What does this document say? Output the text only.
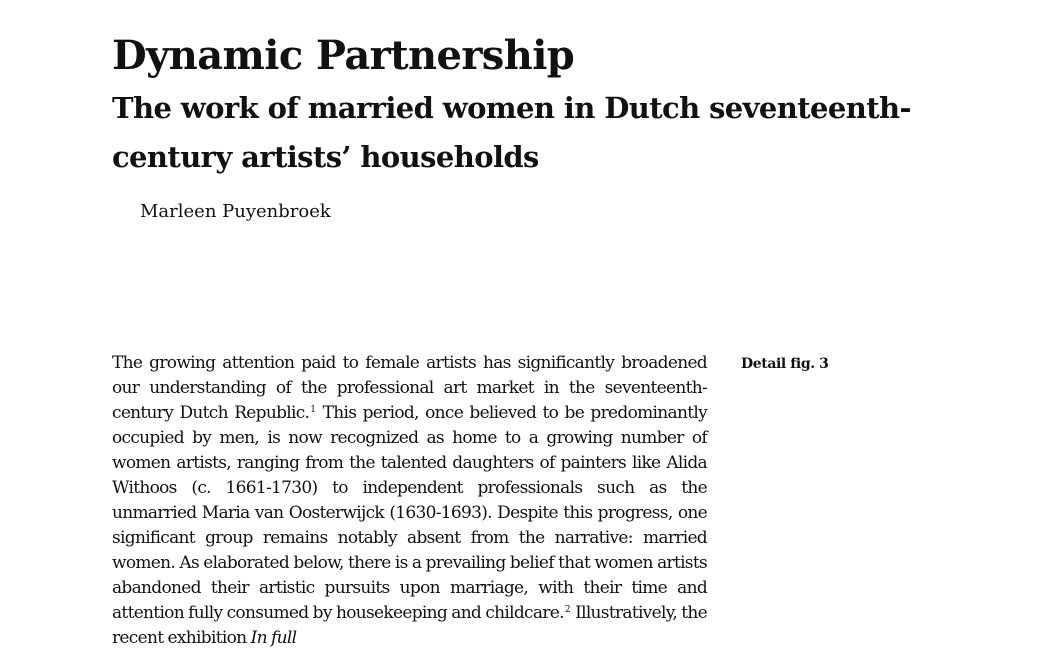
Dynamic Partnership
The work of married women in Dutch seventeenth-century artists’ households

Marleen Puyenbroek

The growing attention paid to female artists has significantly broadened our understanding of the professional art market in the seventeenth-century Dutch Republic.$^1$ This period, once believed to be predominantly occupied by men, is now recognized as home to a growing number of women artists, ranging from the talented daughters of painters like Alida Withoos (c. 1661-1730) to independent professionals such as the unmarried Maria van Oosterwijck (1630-1693). Despite this progress, one significant group remains notably absent from the narrative: married women. As elaborated below, there is a prevailing belief that women artists abandoned their artistic pursuits upon marriage, with their time and attention fully consumed by housekeeping and childcare.$^2$ Illustratively, the recent exhibition In full

Detail fig. 3
